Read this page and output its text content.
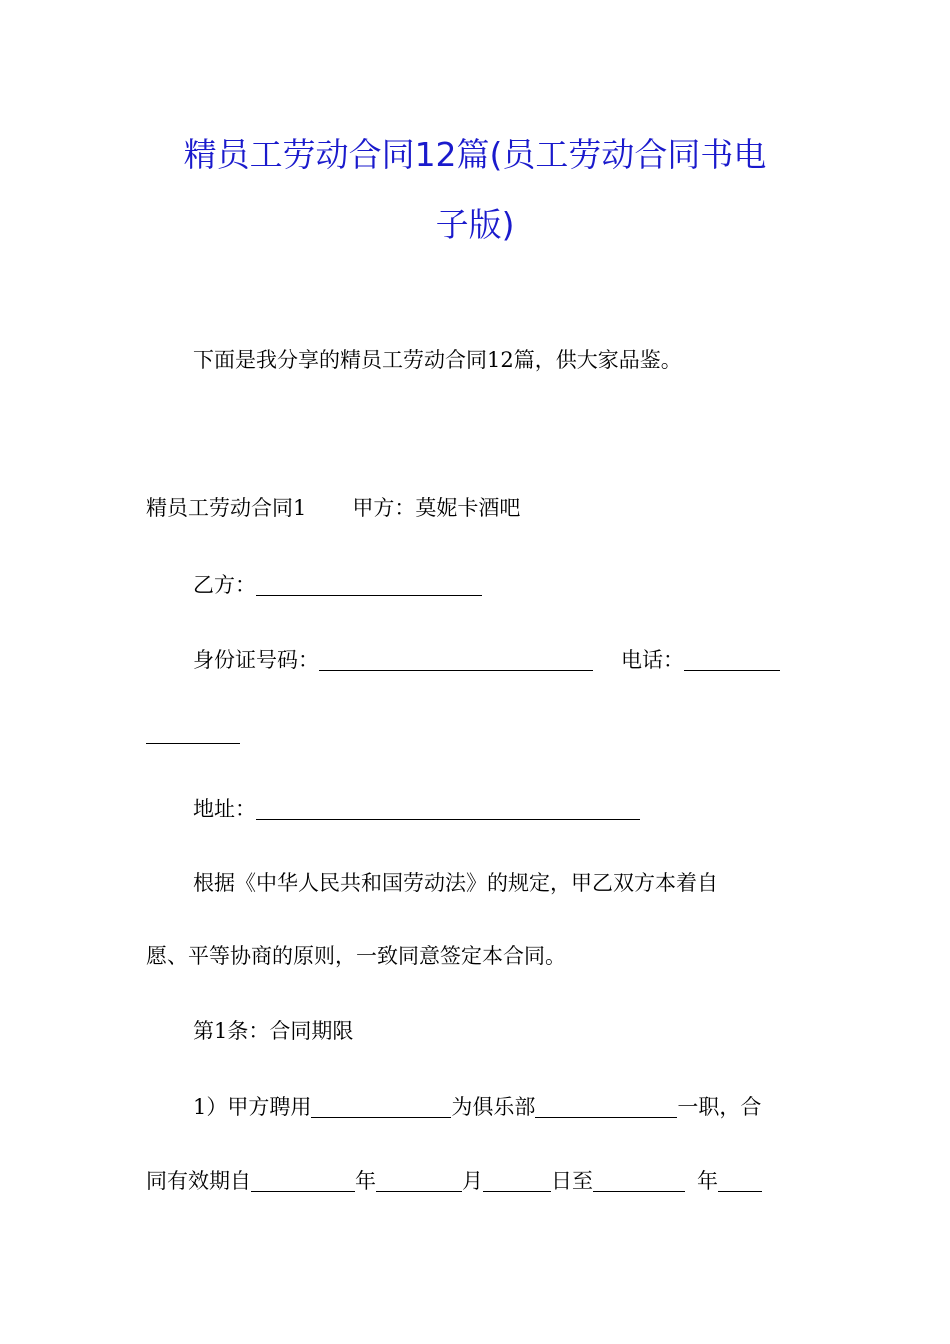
精员工劳动合同12篇(员工劳动合同书电
子版)
下面是我分享的精员工劳动合同12篇，供大家品鉴。
精员工劳动合同1 甲方：莫妮卡酒吧
乙方：
身份证号码：	电话：
地址：
根据《中华人民共和国劳动法》的规定，甲乙双方本着自
愿、平等协商的原则，一致同意签定本合同。
第1条：合同期限
1）甲方聘用	为俱乐部	一职，合
同有效期自	年	月	日至	年
